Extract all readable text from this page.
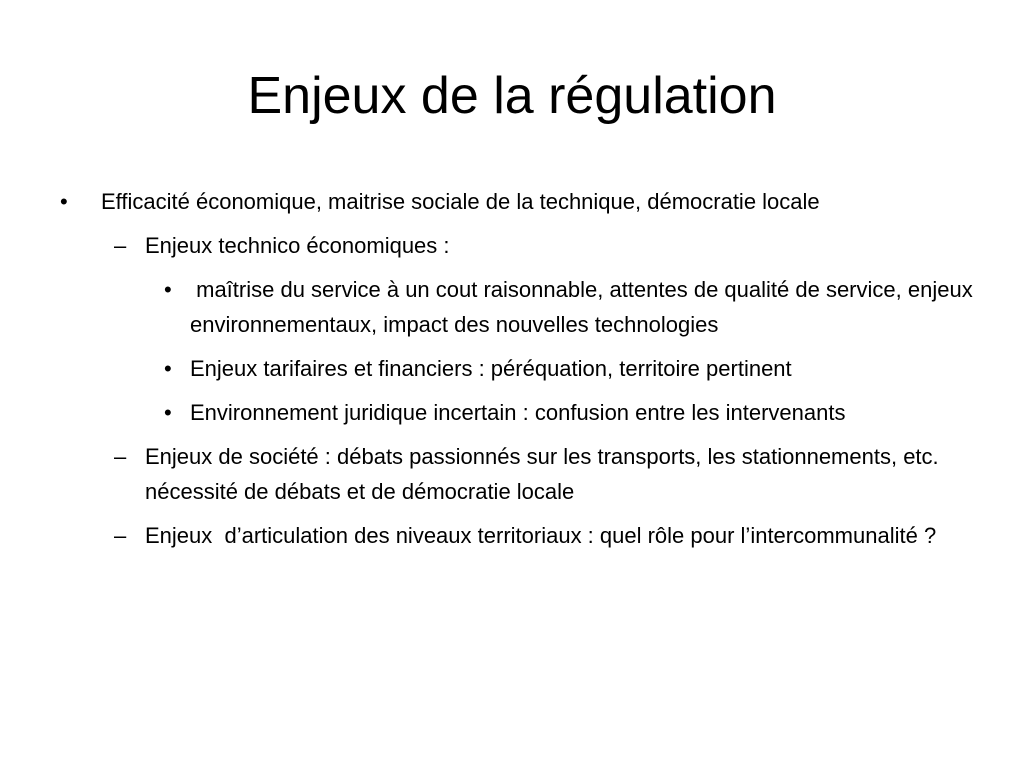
Enjeux de la régulation
• Efficacité économique, maitrise sociale de la technique, démocratie locale
– Enjeux technico économiques :
• maîtrise du service à un cout raisonnable, attentes de qualité de service, enjeux environnementaux, impact des nouvelles technologies
• Enjeux tarifaires et financiers : péréquation, territoire pertinent
• Environnement juridique incertain : confusion entre les intervenants
– Enjeux de société : débats passionnés sur les transports, les stationnements, etc. nécessité de débats et de démocratie locale
– Enjeux  d’articulation des niveaux territoriaux : quel rôle pour l’intercommunalité ?
